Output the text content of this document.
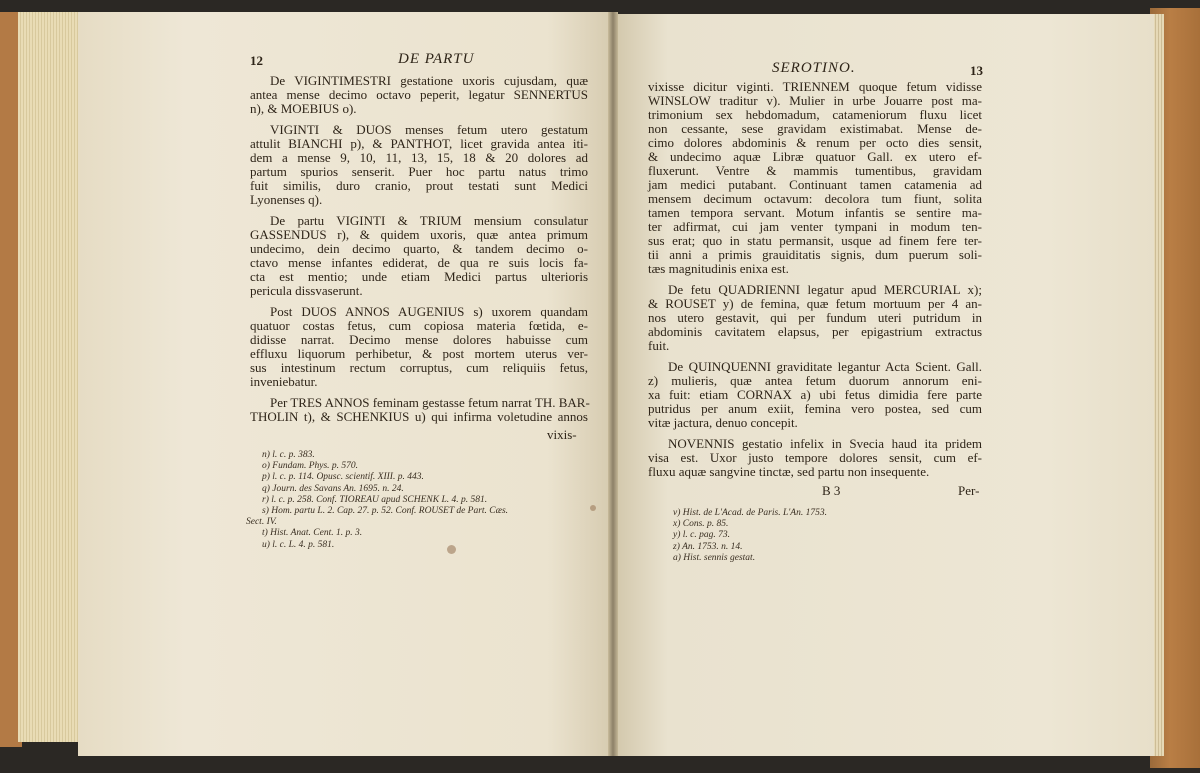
12	DE PARTU
De VIGINTIMESTRI gestatione uxoris cujusdam, quæ
antea mense decimo octavo peperit, legatur SENNERTUS
n), & MOEBIUS o).
VIGINTI & DUOS menses fetum utero gestatum
attulit BIANCHI p), & PANTHOT, licet gravida antea iti-
dem a mense 9, 10, 11, 13, 15, 18 & 20 dolores ad
partum spurios senserit. Puer hoc partu natus trimo
fuit similis, duro cranio, prout testati sunt Medici
Lyonenses q).
De partu VIGINTI & TRIUM mensium consulatur
GASSENDUS r), & quidem uxoris, quæ antea primum
undecimo, dein decimo quarto, & tandem decimo o-
ctavo mense infantes ediderat, de qua re suis locis fa-
cta est mentio; unde etiam Medici partus ulterioris
pericula dissvaserunt.
Post DUOS ANNOS AUGENIUS s) uxorem quandam
quatuor costas fetus, cum copiosa materia fœtida, e-
didisse narrat. Decimo mense dolores habuisse cum
effluxu liquorum perhibetur, & post mortem uterus ver-
sus intestinum rectum corruptus, cum reliquiis fetus,
inveniebatur.
Per TRES ANNOS feminam gestasse fetum narrat TH. BAR-
THOLIN t), & SCHENKIUS u) qui infirma voletudine annos
vixis-
n) l. c. p. 383.
o) Fundam. Phys. p. 570.
p) l. c. p. 114. Opusc. scientif. XIII. p. 443.
q) Journ. des Savans An. 1695. n. 24.
r) l. c. p. 258. Conf. TIOREAU apud SCHENK L. 4. p. 581.
s) Hom. partu L. 2. Cap. 27. p. 52. Conf. ROUSET de Part. Cæs.
Sect. IV.
t) Hist. Anat. Cent. 1. p. 3.
u) l. c. L. 4. p. 581.
SEROTINO.	13
vixisse dicitur viginti. TRIENNEM quoque fetum vidisse
WINSLOW traditur v). Mulier in urbe Jouarre post ma-
trimonium sex hebdomadum, catameniorum fluxu licet
non cessante, sese gravidam existimabat. Mense de-
cimo dolores abdominis & renum per octo dies sensit,
& undecimo aquæ Libræ quatuor Gall. ex utero ef-
fluxerunt. Ventre & mammis tumentibus, gravidam
jam medici putabant. Continuant tamen catamenia ad
mensem decimum octavum: decolora tum fiunt, solita
tamen tempora servant. Motum infantis se sentire ma-
ter adfirmat, cui jam venter tympani in modum ten-
sus erat; quo in statu permansit, usque ad finem fere ter-
tii anni a primis grauiditatis signis, dum puerum soli-
tæs magnitudinis enixa est.
De fetu QUADRIENNI legatur apud MERCURIAL x);
& ROUSET y) de femina, quæ fetum mortuum per 4 an-
nos utero gestavit, qui per fundum uteri putridum in
abdominis cavitatem elapsus, per epigastrium extractus
fuit.
De QUINQUENNI graviditate legantur Acta Scient. Gall.
z) mulieris, quæ antea fetum duorum annorum eni-
xa fuit: etiam CORNAX a) ubi fetus dimidia fere parte
putridus per anum exiit, femina vero postea, sed cum
vitæ jactura, denuo concepit.
NOVENNIS gestatio infelix in Svecia haud ita pridem
visa est. Uxor justo tempore dolores sensit, cum ef-
fluxu aquæ sangvine tinctæ, sed partu non insequente.
B 3	Per-
v) Hist. de L'Acad. de Paris. L'An. 1753.
x) Cons. p. 85.
y) l. c. pag. 73.
z) An. 1753. n. 14.
a) Hist. sennis gestat.
